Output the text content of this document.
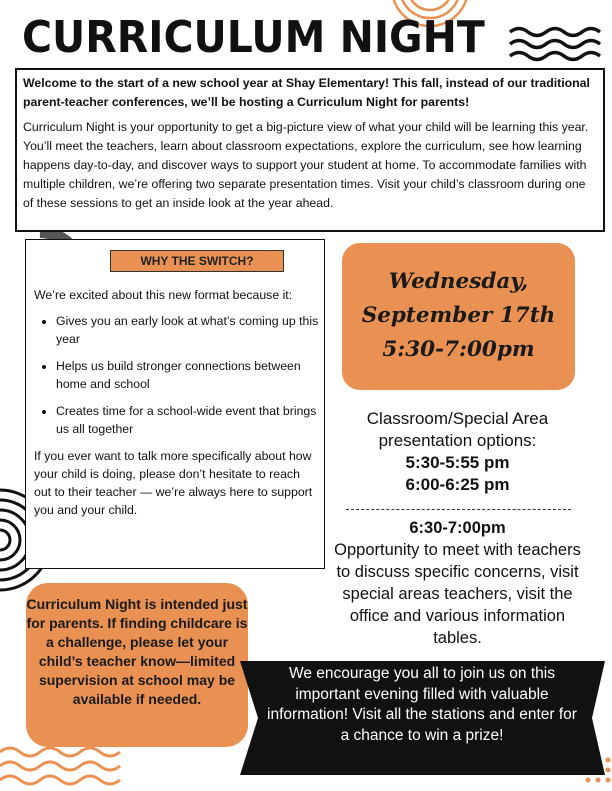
CURRICULUM NIGHT

Welcome to the start of a new school year at Shay Elementary! This fall, instead of our traditional parent-teacher conferences, we’ll be hosting a Curriculum Night for parents!

Curriculum Night is your opportunity to get a big-picture view of what your child will be learning this year. You’ll meet the teachers, learn about classroom expectations, explore the curriculum, see how learning happens day-to-day, and discover ways to support your student at home. To accommodate families with multiple children, we’re offering two separate presentation times. Visit your child’s classroom during one of these sessions to get an inside look at the year ahead.

WHY THE SWITCH?

We’re excited about this new format because it:

• Gives you an early look at what’s coming up this year
• Helps us build stronger connections between home and school
• Creates time for a school-wide event that brings us all together

If you ever want to talk more specifically about how your child is doing, please don’t hesitate to reach out to their teacher — we’re always here to support you and your child.

Wednesday,
September 17th
5:30-7:00pm
Classroom/Special Area presentation options:
5:30-5:55 pm
6:00-6:25 pm
6:30-7:00pm
Opportunity to meet with teachers to discuss specific concerns, visit special areas teachers, visit the office and various information tables.
Curriculum Night is intended just for parents. If finding childcare is a challenge, please let your child’s teacher know—limited supervision at school may be available if needed.
We encourage you all to join us on this important evening filled with valuable information! Visit all the stations and enter for a chance to win a prize!
